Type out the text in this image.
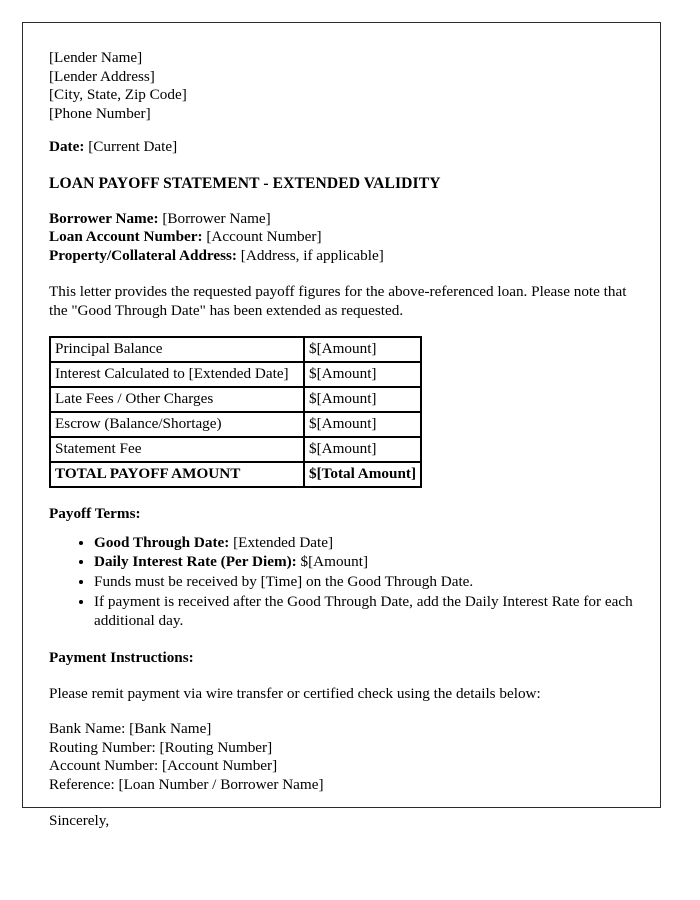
[Lender Name]
[Lender Address]
[City, State, Zip Code]
[Phone Number]
Date: [Current Date]
LOAN PAYOFF STATEMENT - EXTENDED VALIDITY
Borrower Name: [Borrower Name]
Loan Account Number: [Account Number]
Property/Collateral Address: [Address, if applicable]
This letter provides the requested payoff figures for the above-referenced loan. Please note that the "Good Through Date" has been extended as requested.
Principal Balance	$[Amount]
Interest Calculated to [Extended Date]	$[Amount]
Late Fees / Other Charges	$[Amount]
Escrow (Balance/Shortage)	$[Amount]
Statement Fee	$[Amount]
TOTAL PAYOFF AMOUNT	$[Total Amount]
Payoff Terms:
• Good Through Date: [Extended Date]
• Daily Interest Rate (Per Diem): $[Amount]
• Funds must be received by [Time] on the Good Through Date.
• If payment is received after the Good Through Date, add the Daily Interest Rate for each additional day.
Payment Instructions:
Please remit payment via wire transfer or certified check using the details below:
Bank Name: [Bank Name]
Routing Number: [Routing Number]
Account Number: [Account Number]
Reference: [Loan Number / Borrower Name]
Sincerely,
